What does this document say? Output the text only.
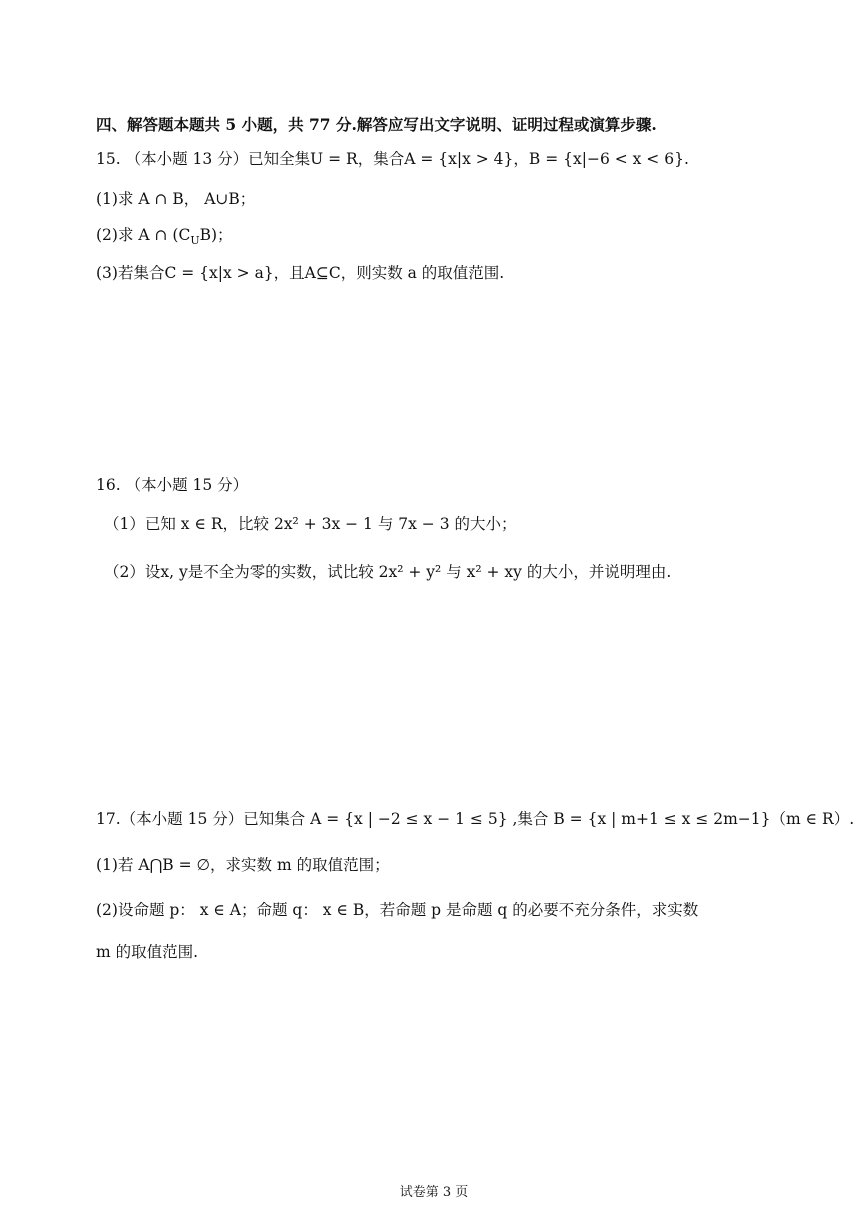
四、解答题本题共 5 小题，共 77 分.解答应写出文字说明、证明过程或演算步骤.
15. （本小题 13 分）已知全集U = R，集合A = {x|x > 4}，B = {x|−6 < x < 6}.
(1)求 A ∩ B， A∪B；
(2)求 A ∩ $(C_UB)$；
(3)若集合C = {x|x > a}，且A⊆C，则实数 a 的取值范围.
16. （本小题 15 分）
（1）已知 x ∈ R，比较 2x² + 3x − 1 与 7x − 3 的大小；
（2）设x, y是不全为零的实数，试比较 2x² + y² 与 x² + xy 的大小，并说明理由.
17.（本小题 15 分）已知集合 A = {x | −2 ≤ x − 1 ≤ 5} ,集合 B = {x | m+1 ≤ x ≤ 2m−1}（m ∈ R）.
(1)若 A⋂B = ∅，求实数 m 的取值范围；
(2)设命题 p： x ∈ A；命题 q： x ∈ B，若命题 p 是命题 q 的必要不充分条件，求实数
m 的取值范围.
试卷第 3 页
